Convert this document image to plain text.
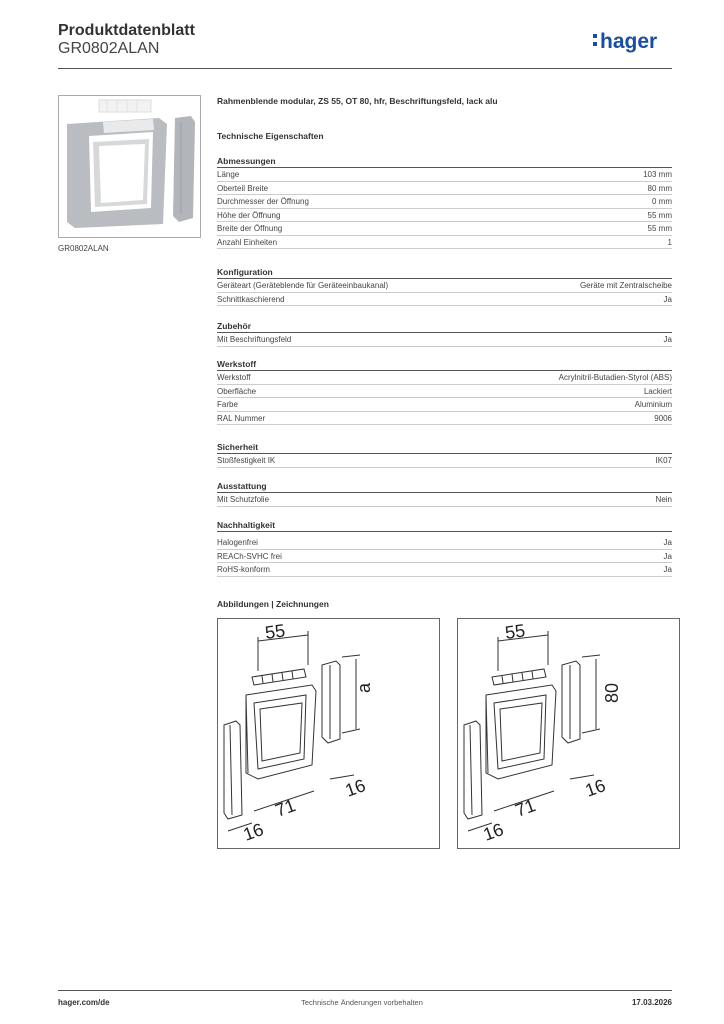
Produktdatenblatt
GR0802ALAN	hager
GR0802ALAN
Rahmenblende modular, ZS 55, OT 80, hfr, Beschriftungsfeld, lack alu
Technische Eigenschaften
Abmessungen
Länge	103 mm
Oberteil Breite	80 mm
Durchmesser der Öffnung	0 mm
Höhe der Öffnung	55 mm
Breite der Öffnung	55 mm
Anzahl Einheiten	1
Konfiguration
Geräteart (Geräteblende für Geräteeinbaukanal)	Geräte mit Zentralscheibe
Schnittkaschierend	Ja
Zubehör
Mit Beschriftungsfeld	Ja
Werkstoff
Werkstoff	Acrylnitril-Butadien-Styrol (ABS)
Oberfläche	Lackiert
Farbe	Aluminium
RAL Nummer	9006
Sicherheit
Stoßfestigkeit IK	IK07
Ausstattung
Mit Schutzfolie	Nein
Nachhaltigkeit
Halogenfrei	Ja
REACh-SVHC frei	Ja
RoHS-konform	Ja
Abbildungen | Zeichnungen
55
a
16
71
16
55
80
16
71
16
hager.com/de	Technische Änderungen vorbehalten	17.03.2026
